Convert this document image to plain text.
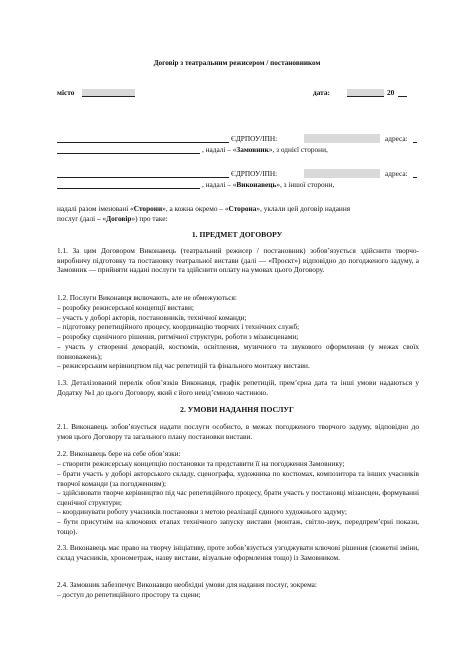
Договір з театральним режисером / постановником
місто	дата:	20
ЄДРПОУ/ІПН:	адреса:
, надалі – «Замовник», з однієї сторони,
ЄДРПОУ/ІПН:	адреса:
, надалі – «Виконавець», з іншої сторони,
надалі разом іменовані «Сторони», а кожна окремо – «Сторона», уклали цей договір надання
послуг (далі – «Договір») про таке:
1. ПРЕДМЕТ ДОГОВОРУ
1.1. За цим Договором Виконавець (театральний режисер / постановник) зобов’язується здійснити творчо-виробничу підготовку та постановку театральної вистави (далі — «Проєкт») відповідно до погодженого задуму, а Замовник — прийняти надані послуги та здійснити оплату на умовах цього Договору.
1.2. Послуги Виконавця включають, але не обмежуються:
– розробку режисерської концепції вистави;
– участь у доборі акторів, постановників, технічної команди;
– підготовку репетиційного процесу, координацію творчих і технічних служб;
– розробку сценічного рішення, ритмічної структури, роботи з мізансценами;
– участь у створенні декорацій, костюмів, освітлення, музичного та звукового оформлення (у межах своїх повноважень);
– режисерським керівництвом під час репетицій та фінального монтажу вистави.
1.3. Деталізований перелік обов’язків Виконавця, графік репетицій, прем’єрна дата та інші умови надаються у Додатку №1 до цього Договору, який є його невід’ємною частиною.
2. УМОВИ НАДАННЯ ПОСЛУГ
2.1. Виконавець зобов’язується надати послуги особисто, в межах погодженого творчого задуму, відповідно до умов цього Договору та загального плану постановки вистави.
2.2. Виконавець бере на себе обов’язки:
– створити режисерську концепцію постановки та представити її на погодження Замовнику;
– брати участь у доборі акторського складу, сценографа, художника по костюмах, композитора та інших учасників творчої команди (за погодженням);
– здійснювати творче керівництво під час репетиційного процесу, брати участь у постановці мізансцен, формуванні сценічної структури;
– координувати роботу учасників постановки з метою реалізації єдиного художнього задуму;
– бути присутнім на ключових етапах технічного запуску вистави (монтаж, світло-звук, передпрем’єрні покази, тощо).
2.3. Виконавець має право на творчу ініціативу, проте зобов’язується узгоджувати ключові рішення (сюжетні зміни, склад учасників, хронометраж, назву вистави, візуальне оформлення тощо) із Замовником.
2.4. Замовник забезпечує Виконавцю необхідні умови для надання послуг, зокрема:
– доступ до репетиційного простору та сцени;
